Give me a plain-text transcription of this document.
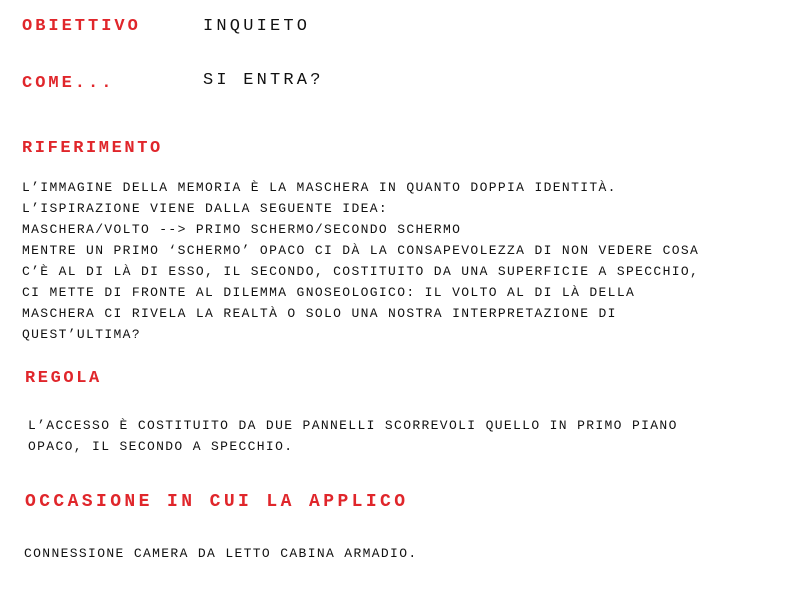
OBIETTIVO	INQUIETO
COME...	SI ENTRA?
RIFERIMENTO
L’IMMAGINE DELLA MEMORIA È LA MASCHERA IN QUANTO DOPPIA IDENTITÀ.
L’ISPIRAZIONE VIENE DALLA SEGUENTE IDEA:
MASCHERA/VOLTO --> PRIMO SCHERMO/SECONDO SCHERMO
MENTRE UN PRIMO ‘SCHERMO’ OPACO CI DÀ LA CONSAPEVOLEZZA DI NON VEDERE COSA
C’È AL DI LÀ DI ESSO, IL SECONDO, COSTITUITO DA UNA SUPERFICIE A SPECCHIO,
CI METTE DI FRONTE AL DILEMMA GNOSEOLOGICO: IL VOLTO AL DI LÀ DELLA
MASCHERA CI RIVELA LA REALTÀ O SOLO UNA NOSTRA INTERPRETAZIONE DI
QUEST’ULTIMA?
REGOLA
L’ACCESSO È COSTITUITO DA DUE PANNELLI SCORREVOLI QUELLO IN PRIMO PIANO
OPACO, IL SECONDO A SPECCHIO.
OCCASIONE IN CUI LA APPLICO
CONNESSIONE CAMERA DA LETTO CABINA ARMADIO.
